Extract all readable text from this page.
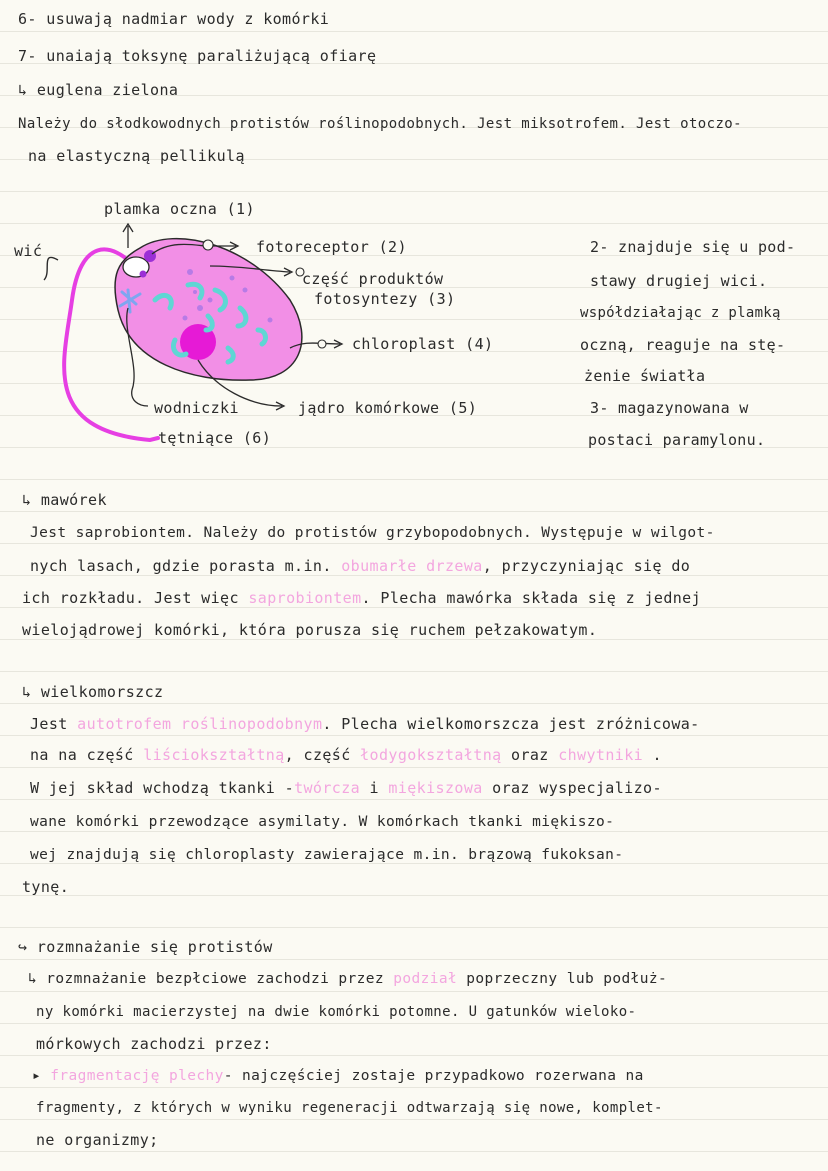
6- usuwają nadmiar wody z komórki
7- unaiają toksynę paraliżującą ofiarę
↳ euglena zielona
Należy do słodkowodnych protistów roślinopodobnych. Jest miksotrofem. Jest otoczo-
na elastyczną pellikulą
plamka oczna (1)
wić	fotoreceptor (2)
część produktów
fotosyntezy (3)
chloroplast (4)
wodniczki
tętniące (6)
jądro komórkowe (5)
2- znajduje się u pod-
stawy drugiej wici.
współdziałając z plamką
oczną, reaguje na stę-
żenie światła
3- magazynowana w
postaci paramylonu.
↳ mawórek
Jest saprobiontem. Należy do protistów grzybopodobnych. Występuje w wilgot-
nych lasach, gdzie porasta m.in. obumarłe drzewa, przyczyniając się do
ich rozkładu. Jest więc saprobiontem. Plecha mawórka składa się z jednej
wielojądrowej komórki, która porusza się ruchem pełzakowatym.
↳ wielkomorszcz
Jest autotrofem roślinopodobnym. Plecha wielkomorszcza jest zróżnicowa-
na na część liściokształtną, część łodygokształtną oraz chwytniki .
W jej skład wchodzą tkanki -twórcza i miękiszowa oraz wyspecjalizo-
wane komórki przewodzące asymilaty. W komórkach tkanki miękiszo-
wej znajdują się chloroplasty zawierające m.in. brązową fukoksan-
tynę.
↪ rozmnażanie się protistów
↳ rozmnażanie bezpłciowe zachodzi przez podział poprzeczny lub podłuż-
ny komórki macierzystej na dwie komórki potomne. U gatunków wieloko-
mórkowych zachodzi przez:
▸ fragmentację plechy- najczęściej zostaje przypadkowo rozerwana na
fragmenty, z których w wyniku regeneracji odtwarzają się nowe, komplet-
ne organizmy;
